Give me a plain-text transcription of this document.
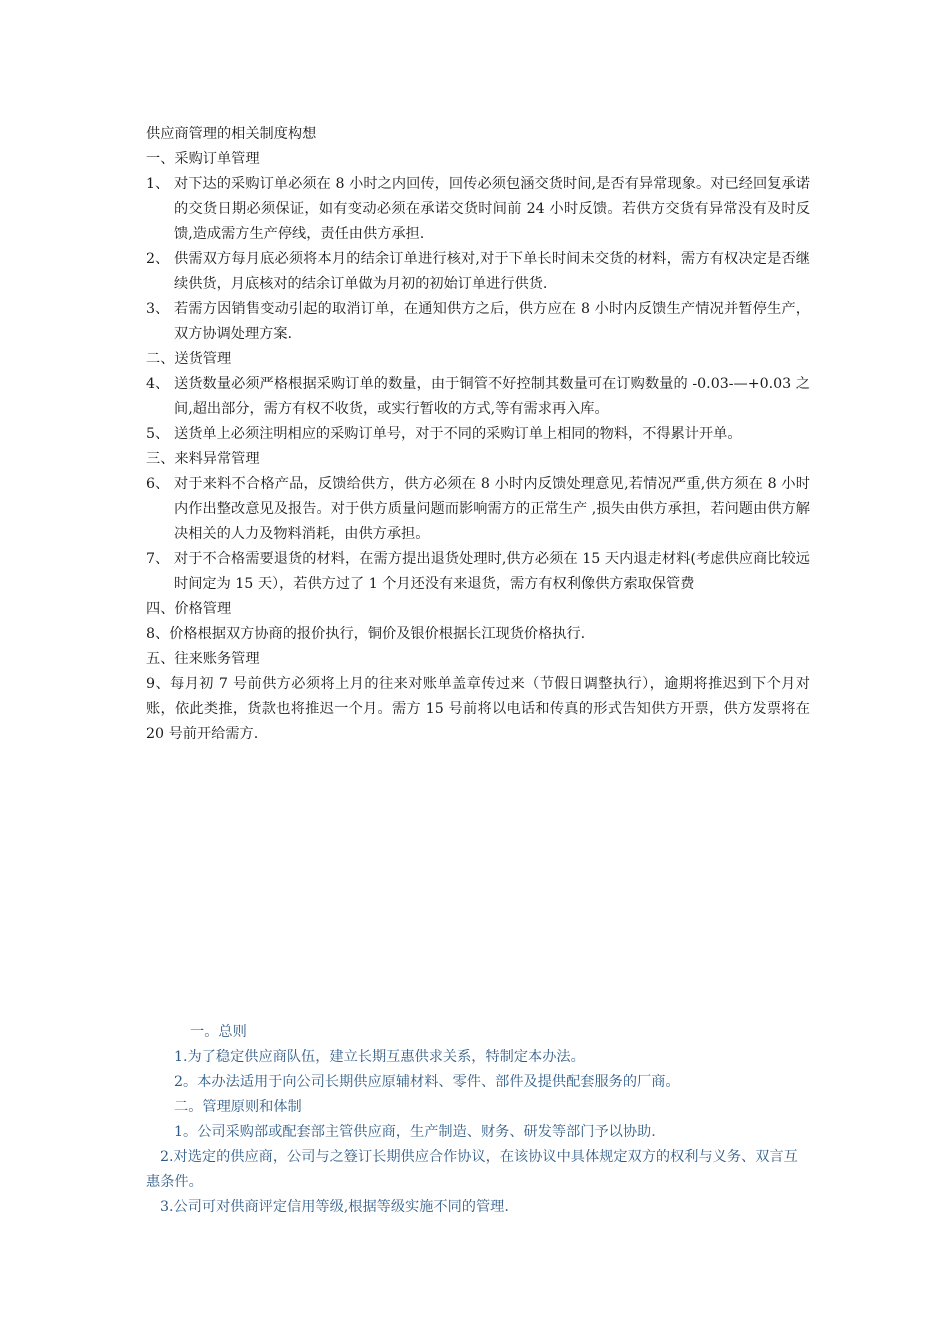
供应商管理的相关制度构想
一、采购订单管理
1、 对下达的采购订单必须在 8 小时之内回传，回传必须包涵交货时间,是否有异常现象。对已经回复承诺的交货日期必须保证，如有变动必须在承诺交货时间前 24 小时反馈。若供方交货有异常没有及时反馈,造成需方生产停线，责任由供方承担.
2、 供需双方每月底必须将本月的结余订单进行核对,对于下单长时间未交货的材料，需方有权决定是否继续供货，月底核对的结余订单做为月初的初始订单进行供货.
3、 若需方因销售变动引起的取消订单，在通知供方之后，供方应在 8 小时内反馈生产情况并暂停生产，双方协调处理方案.
二、送货管理
4、 送货数量必须严格根据采购订单的数量，由于铜管不好控制其数量可在订购数量的 -0.03-—+0.03 之间,超出部分，需方有权不收货，或实行暂收的方式,等有需求再入库。
5、 送货单上必须注明相应的采购订单号，对于不同的采购订单上相同的物料，不得累计开单。
三、来料异常管理
6、 对于来料不合格产品，反馈给供方，供方必须在 8 小时内反馈处理意见,若情况严重,供方须在 8 小时内作出整改意见及报告。对于供方质量问题而影响需方的正常生产 ,损失由供方承担，若问题由供方解决相关的人力及物料消耗，由供方承担。
7、 对于不合格需要退货的材料，在需方提出退货处理时,供方必须在 15 天内退走材料(考虑供应商比较远时间定为 15 天），若供方过了 1 个月还没有来退货，需方有权利像供方索取保管费
四、价格管理
8、价格根据双方协商的报价执行，铜价及银价根据长江现货价格执行.
五、往来账务管理
9、每月初 7 号前供方必须将上月的往来对账单盖章传过来（节假日调整执行），逾期将推迟到下个月对账，依此类推，货款也将推迟一个月。需方 15 号前将以电话和传真的形式告知供方开票，供方发票将在 20 号前开给需方.
一。总则
1.为了稳定供应商队伍，建立长期互惠供求关系，特制定本办法。
2。本办法适用于向公司长期供应原辅材料、零件、部件及提供配套服务的厂商。
二。管理原则和体制
1。公司采购部或配套部主管供应商，生产制造、财务、研发等部门予以协助.
2.对选定的供应商，公司与之簦订长期供应合作协议，在该协议中具体规定双方的权利与义务、双言互惠条件。
3.公司可对供商评定信用等级,根据等级实施不同的管理.
